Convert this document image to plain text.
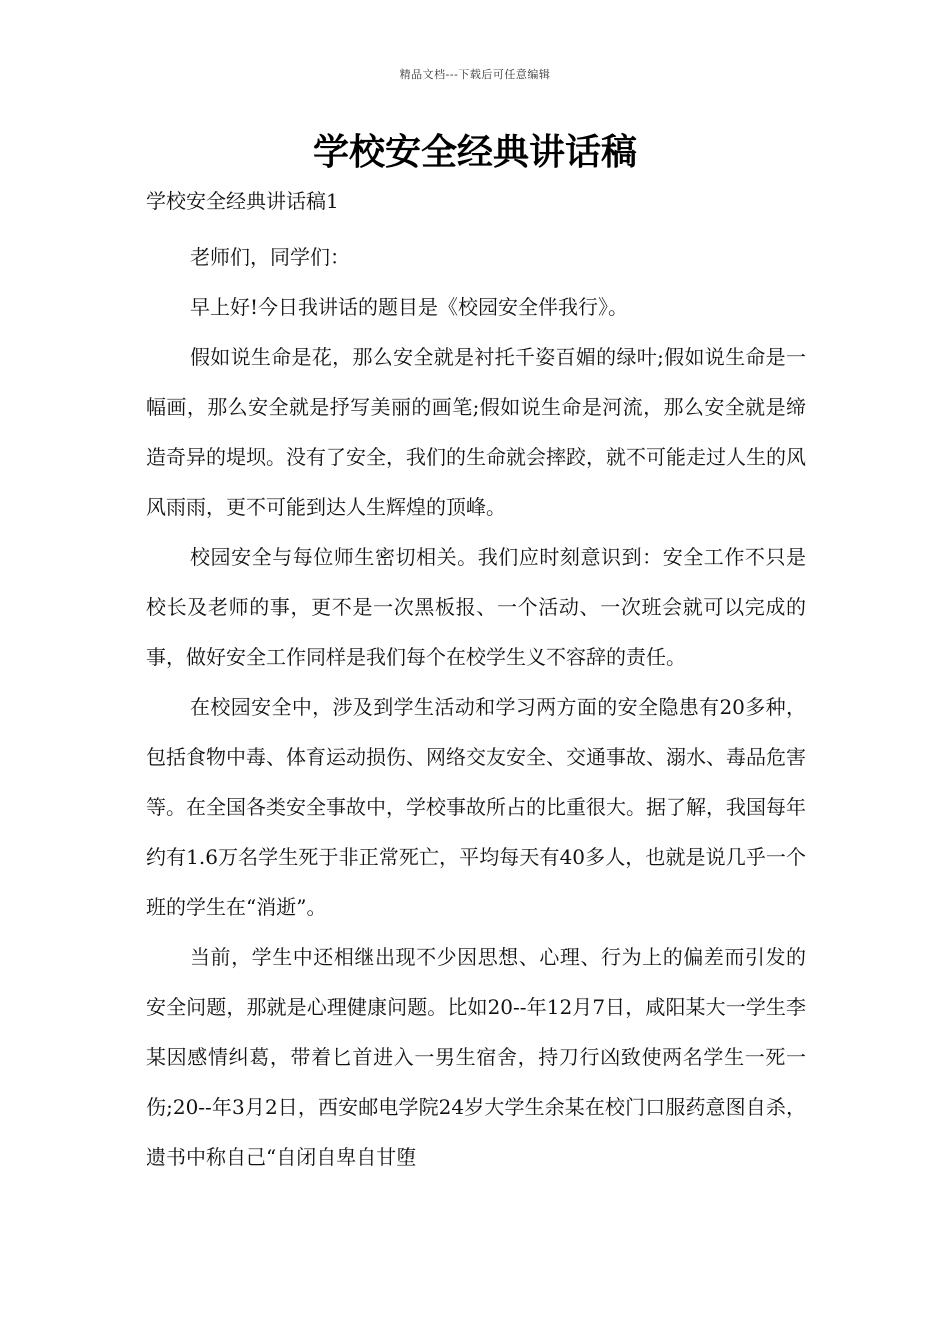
精品文档---下载后可任意编辑
学校安全经典讲话稿

学校安全经典讲话稿1

老师们，同学们：

早上好!今日我讲话的题目是《校园安全伴我行》。

假如说生命是花，那么安全就是衬托千姿百媚的绿叶;假如说生命是一幅画，那么安全就是抒写美丽的画笔;假如说生命是河流，那么安全就是缔造奇异的堤坝。没有了安全，我们的生命就会摔跤，就不可能走过人生的风风雨雨，更不可能到达人生辉煌的顶峰。

校园安全与每位师生密切相关。我们应时刻意识到：安全工作不只是校长及老师的事，更不是一次黑板报、一个活动、一次班会就可以完成的事，做好安全工作同样是我们每个在校学生义不容辞的责任。

在校园安全中，涉及到学生活动和学习两方面的安全隐患有20多种，包括食物中毒、体育运动损伤、网络交友安全、交通事故、溺水、毒品危害等。在全国各类安全事故中，学校事故所占的比重很大。据了解，我国每年约有1.6万名学生死于非正常死亡，平均每天有40多人，也就是说几乎一个班的学生在“消逝”。

当前，学生中还相继出现不少因思想、心理、行为上的偏差而引发的安全问题，那就是心理健康问题。比如20--年12月7日，咸阳某大一学生李某因感情纠葛，带着匕首进入一男生宿舍，持刀行凶致使两名学生一死一伤;20--年3月2日，西安邮电学院24岁大学生余某在校门口服药意图自杀，遗书中称自己“自闭自卑自甘堕
